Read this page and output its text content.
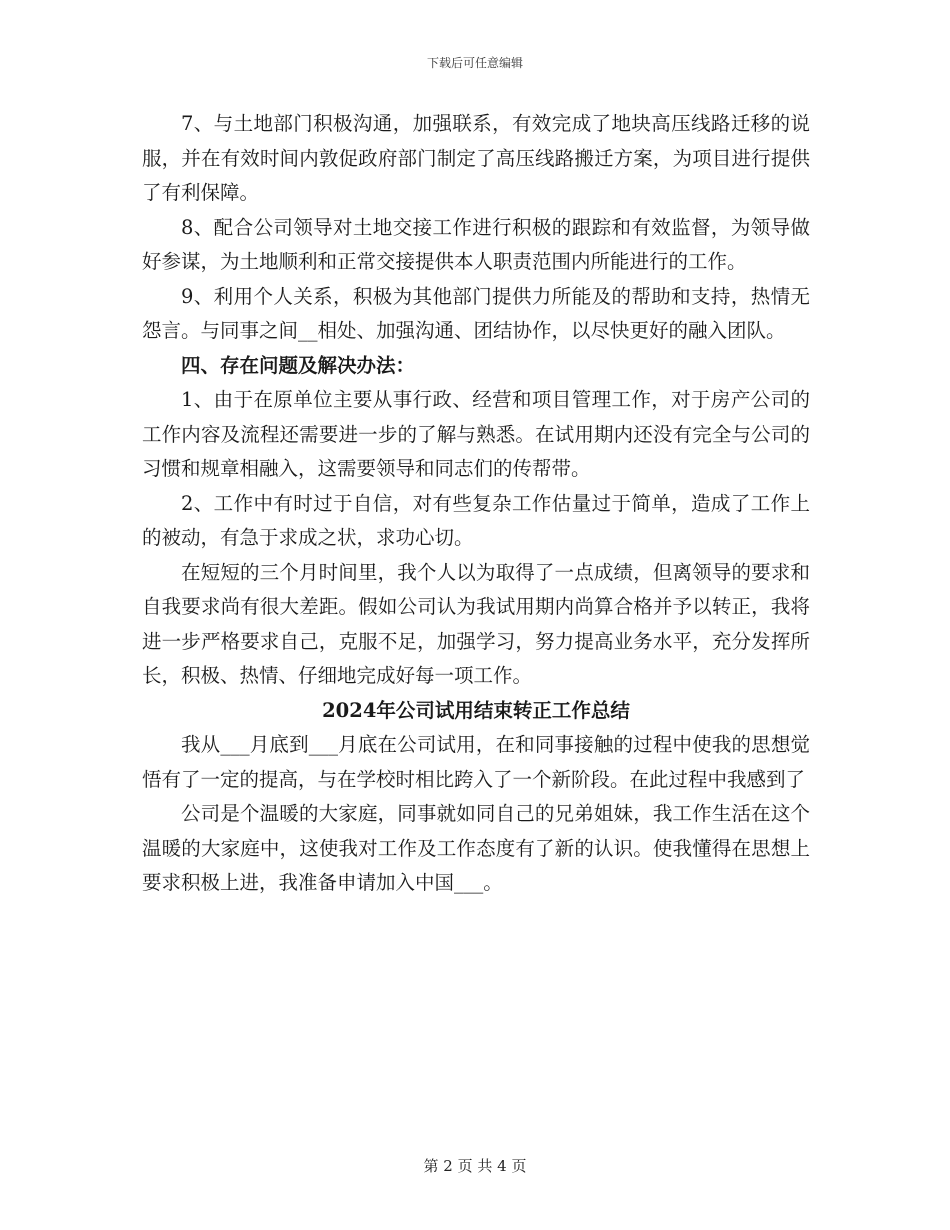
下载后可任意编辑

7、与土地部门积极沟通，加强联系，有效完成了地块高压线路迁移的说服，并在有效时间内敦促政府部门制定了高压线路搬迁方案，为项目进行提供了有利保障。

8、配合公司领导对土地交接工作进行积极的跟踪和有效监督，为领导做好参谋，为土地顺利和正常交接提供本人职责范围内所能进行的工作。

9、利用个人关系，积极为其他部门提供力所能及的帮助和支持，热情无怨言。与同事之间__相处、加强沟通、团结协作，以尽快更好的融入团队。

四、存在问题及解决办法：

1、由于在原单位主要从事行政、经营和项目管理工作，对于房产公司的工作内容及流程还需要进一步的了解与熟悉。在试用期内还没有完全与公司的习惯和规章相融入，这需要领导和同志们的传帮带。

2、工作中有时过于自信，对有些复杂工作估量过于简单，造成了工作上的被动，有急于求成之状，求功心切。

在短短的三个月时间里，我个人以为取得了一点成绩，但离领导的要求和自我要求尚有很大差距。假如公司认为我试用期内尚算合格并予以转正，我将进一步严格要求自己，克服不足，加强学习，努力提高业务水平，充分发挥所长，积极、热情、仔细地完成好每一项工作。

2024年公司试用结束转正工作总结

我从___月底到___月底在公司试用，在和同事接触的过程中使我的思想觉悟有了一定的提高，与在学校时相比跨入了一个新阶段。在此过程中我感到了

公司是个温暖的大家庭，同事就如同自己的兄弟姐妹，我工作生活在这个温暖的大家庭中，这使我对工作及工作态度有了新的认识。使我懂得在思想上要求积极上进，我准备申请加入中国___。

第 2 页 共 4 页
